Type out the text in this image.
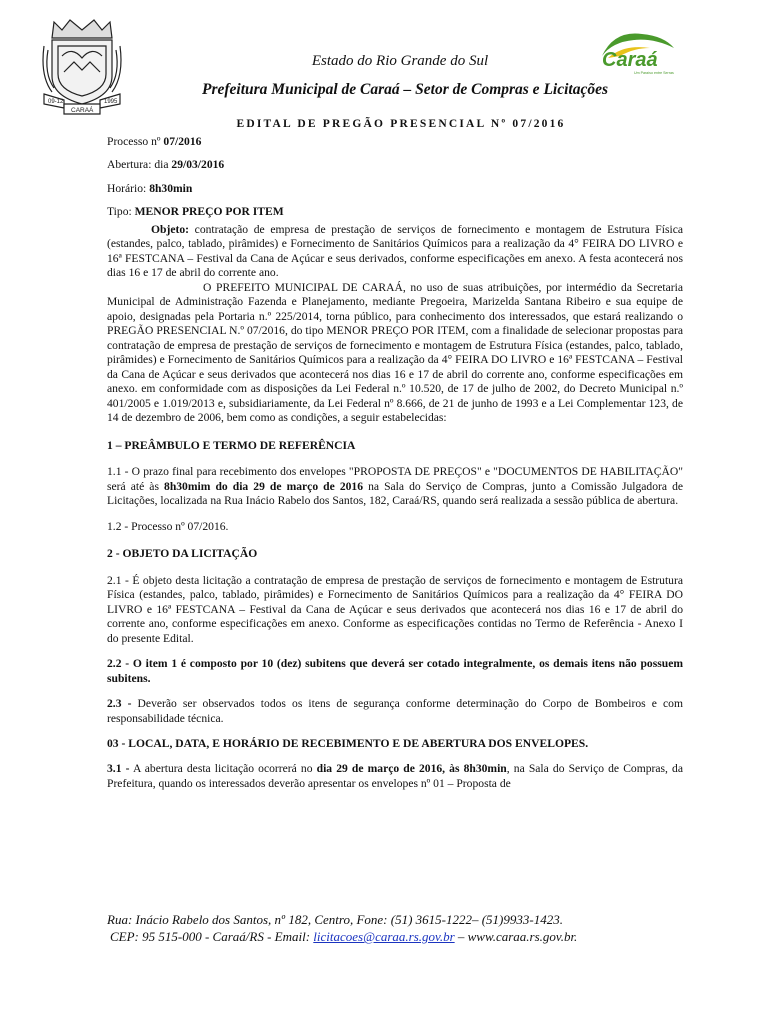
09-12	1995
CARAÁ
Caraá
Um Paraíso entre Serras
Estado do Rio Grande do Sul
Prefeitura Municipal de Caraá – Setor de Compras e Licitações
EDITAL DE PREGÃO PRESENCIAL Nº 07/2016

Processo nº 07/2016

Abertura: dia 29/03/2016

Horário: 8h30min

Tipo: MENOR PREÇO POR ITEM

Objeto: contratação de empresa de prestação de serviços de fornecimento e montagem de Estrutura Física (estandes, palco, tablado, pirâmides) e Fornecimento de Sanitários Químicos para a realização da 4° FEIRA DO LIVRO e 16ª FESTCANA – Festival da Cana de Açúcar e seus derivados, conforme especificações em anexo. A festa acontecerá nos dias 16 e 17 de abril do corrente ano.

O PREFEITO MUNICIPAL DE CARAÁ, no uso de suas atribuições, por intermédio da Secretaria Municipal de Administração Fazenda e Planejamento, mediante Pregoeira, Marizelda Santana Ribeiro e sua equipe de apoio, designadas pela Portaria n.º 225/2014, torna público, para conhecimento dos interessados, que estará realizando o PREGÃO PRESENCIAL N.º 07/2016, do tipo MENOR PREÇO POR ITEM, com a finalidade de selecionar propostas para contratação de empresa de prestação de serviços de fornecimento e montagem de Estrutura Física (estandes, palco, tablado, pirâmides) e Fornecimento de Sanitários Químicos para a realização da 4° FEIRA DO LIVRO e 16ª FESTCANA – Festival da Cana de Açúcar e seus derivados que acontecerá nos dias 16 e 17 de abril do corrente ano, conforme especificações em anexo. em conformidade com as disposições da Lei Federal n.º 10.520, de 17 de julho de 2002, do Decreto Municipal n.º 401/2005 e 1.019/2013 e, subsidiariamente, da Lei Federal nº 8.666, de 21 de junho de 1993 e a Lei Complementar 123, de 14 de dezembro de 2006, bem como as condições, a seguir estabelecidas:

1 – PREÂMBULO E TERMO DE REFERÊNCIA

1.1 - O prazo final para recebimento dos envelopes "PROPOSTA DE PREÇOS" e "DOCUMENTOS DE HABILITAÇÃO" será até às 8h30mim do dia 29 de março de 2016 na Sala do Serviço de Compras, junto a Comissão Julgadora de Licitações, localizada na Rua Inácio Rabelo dos Santos, 182, Caraá/RS, quando será realizada a sessão pública de abertura.

1.2 - Processo nº 07/2016.

2 - OBJETO DA LICITAÇÃO

2.1 - É objeto desta licitação a contratação de empresa de prestação de serviços de fornecimento e montagem de Estrutura Física (estandes, palco, tablado, pirâmides) e Fornecimento de Sanitários Químicos para a realização da 4° FEIRA DO LIVRO e 16ª FESTCANA – Festival da Cana de Açúcar e seus derivados que acontecerá nos dias 16 e 17 de abril do corrente ano, conforme especificações em anexo. Conforme as especificações contidas no Termo de Referência - Anexo I do presente Edital.

2.2 - O item 1 é composto por 10 (dez) subitens que deverá ser cotado integralmente, os demais itens não possuem subitens.

2.3 - Deverão ser observados todos os itens de segurança conforme determinação do Corpo de Bombeiros e com responsabilidade técnica.

03 - LOCAL, DATA, E HORÁRIO DE RECEBIMENTO E DE ABERTURA DOS ENVELOPES.

3.1 - A abertura desta licitação ocorrerá no dia 29 de março de 2016, às 8h30min, na Sala do Serviço de Compras, da Prefeitura, quando os interessados deverão apresentar os envelopes nº 01 – Proposta de

Rua: Inácio Rabelo dos Santos, nº 182, Centro, Fone: (51) 3615-1222– (51)9933-1423.
CEP: 95 515-000 - Caraá/RS - Email: licitacoes@caraa.rs.gov.br – www.caraa.rs.gov.br.
